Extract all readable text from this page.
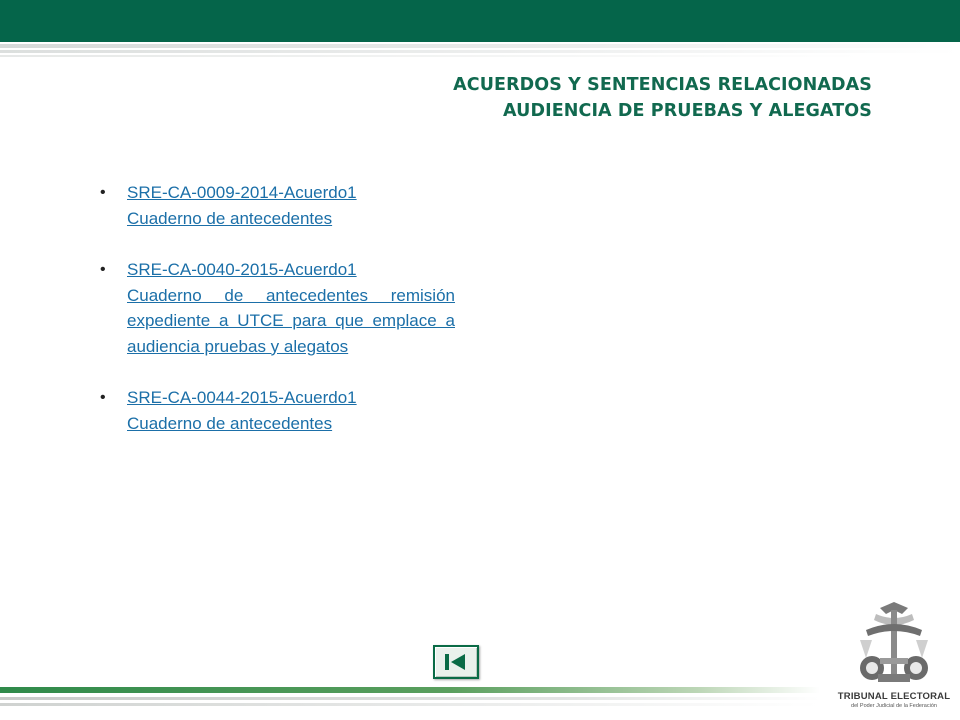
ACUERDOS Y SENTENCIAS RELACIONADAS
AUDIENCIA DE PRUEBAS Y ALEGATOS
• SRE-CA-0009-2014-Acuerdo1
Cuaderno de antecedentes
• SRE-CA-0040-2015-Acuerdo1
Cuaderno de antecedentes remisión expediente a UTCE para que emplace a audiencia pruebas y alegatos
• SRE-CA-0044-2015-Acuerdo1
Cuaderno de antecedentes
TRIBUNAL ELECTORAL
del Poder Judicial de la Federación
